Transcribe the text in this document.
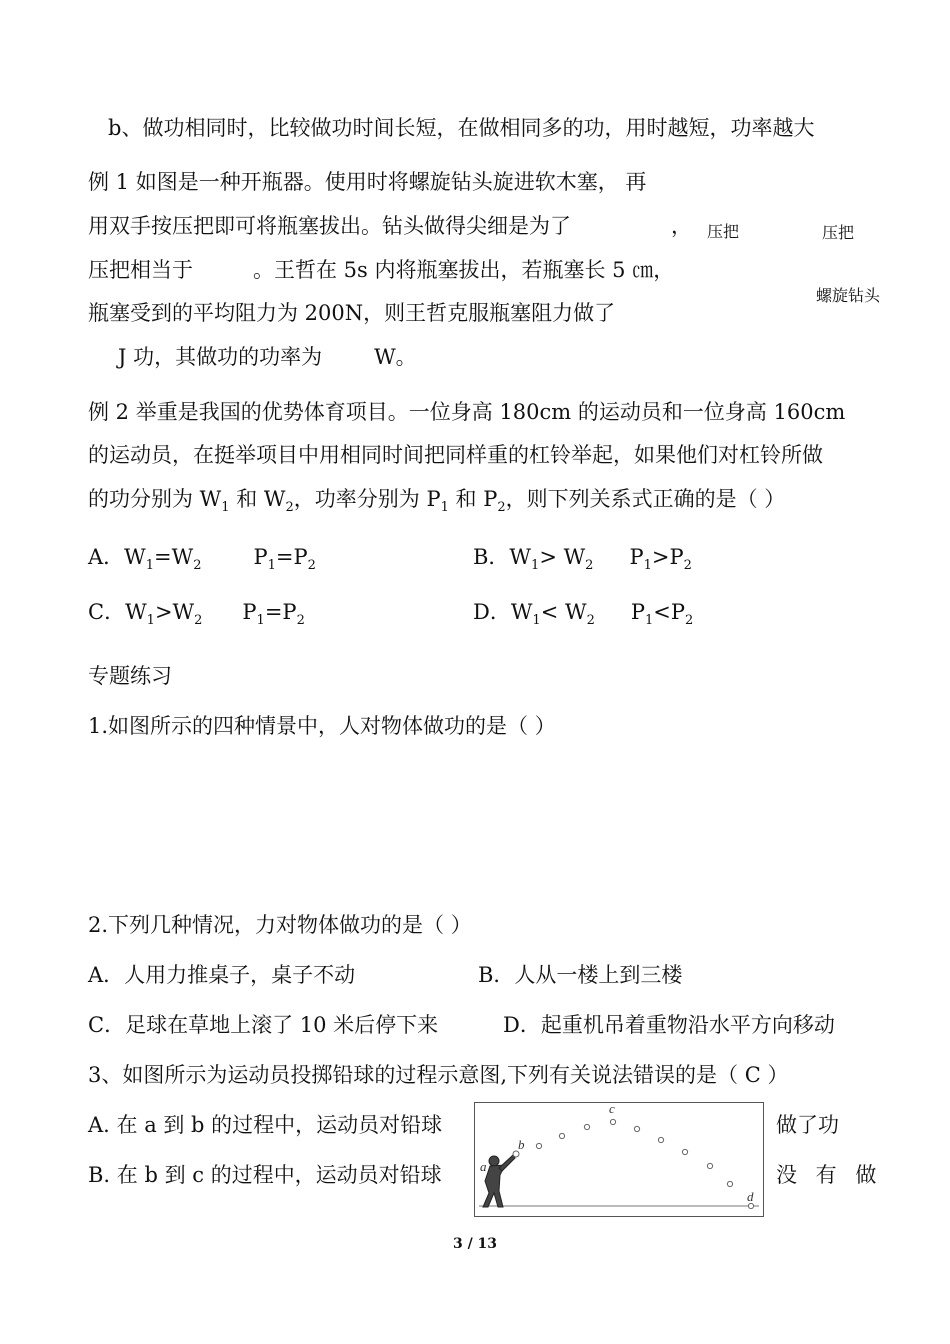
b、做功相同时，比较做功时间长短，在做相同多的功，用时越短，功率越大
例 1 如图是一种开瓶器。使用时将螺旋钻头旋进软木塞， 再
用双手按压把即可将瓶塞拔出。钻头做得尖细是为了	，
压把相当于	。王哲在 5s 内将瓶塞拔出，若瓶塞长 5 ㎝，
瓶塞受到的平均阻力为 200N，则王哲克服瓶塞阻力做了
J 功，其做功的功率为 W。
压把	压把
螺旋钻头
例 2 举重是我国的优势体育项目。一位身高 180cm 的运动员和一位身高 160cm
的运动员，在挺举项目中用相同时间把同样重的杠铃举起，如果他们对杠铃所做
的功分别为 $W_1$ 和 $W_2$，功率分别为 $P_1$ 和 $P_2$，则下列关系式正确的是（ ）
A．$W_1=W_2$ $P_1=P_2$	B．$W_1> W_2$ $P_1>P_2$
C．$W_1>W_2$ $P_1=P_2$	D．$W_1< W_2$ $P_1<P_2$
专题练习
1.如图所示的四种情景中，人对物体做功的是（ ）
2.下列几种情况，力对物体做功的是（ ）
A．人用力推桌子，桌子不动	B．人从一楼上到三楼
C．足球在草地上滚了 10 米后停下来	D．起重机吊着重物沿水平方向移动
3、如图所示为运动员投掷铅球的过程示意图,下列有关说法错误的是（ C ）
A. 在 a 到 b 的过程中，运动员对铅球	做了功
B. 在 b 到 c 的过程中，运动员对铅球	没 有 做
a
b
c
d
3 / 13
